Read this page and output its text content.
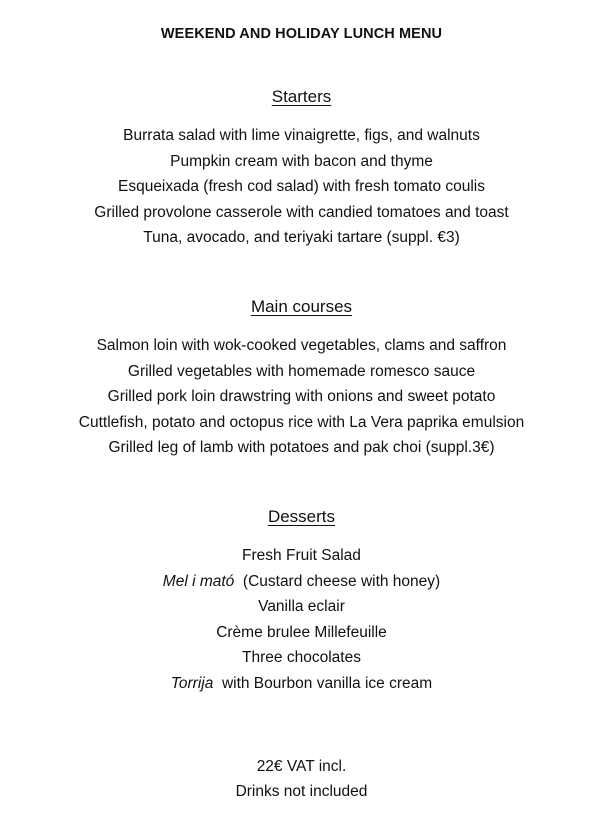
WEEKEND AND HOLIDAY LUNCH MENU
Starters
Burrata salad with lime vinaigrette, figs, and walnuts
Pumpkin cream with bacon and thyme
Esqueixada (fresh cod salad) with fresh tomato coulis
Grilled provolone casserole with candied tomatoes and toast
Tuna, avocado, and teriyaki tartare (suppl. €3)
Main courses
Salmon loin with wok-cooked vegetables, clams and saffron
Grilled vegetables with homemade romesco sauce
Grilled pork loin drawstring with onions and sweet potato
Cuttlefish, potato and octopus rice with La Vera paprika emulsion
Grilled leg of lamb with potatoes and pak choi (suppl.3€)
Desserts
Fresh Fruit Salad
Mel i mató  (Custard cheese with honey)
Vanilla eclair
Crème brulee Millefeuille
Three chocolates
Torrija  with Bourbon vanilla ice cream
22€ VAT incl.
Drinks not included
